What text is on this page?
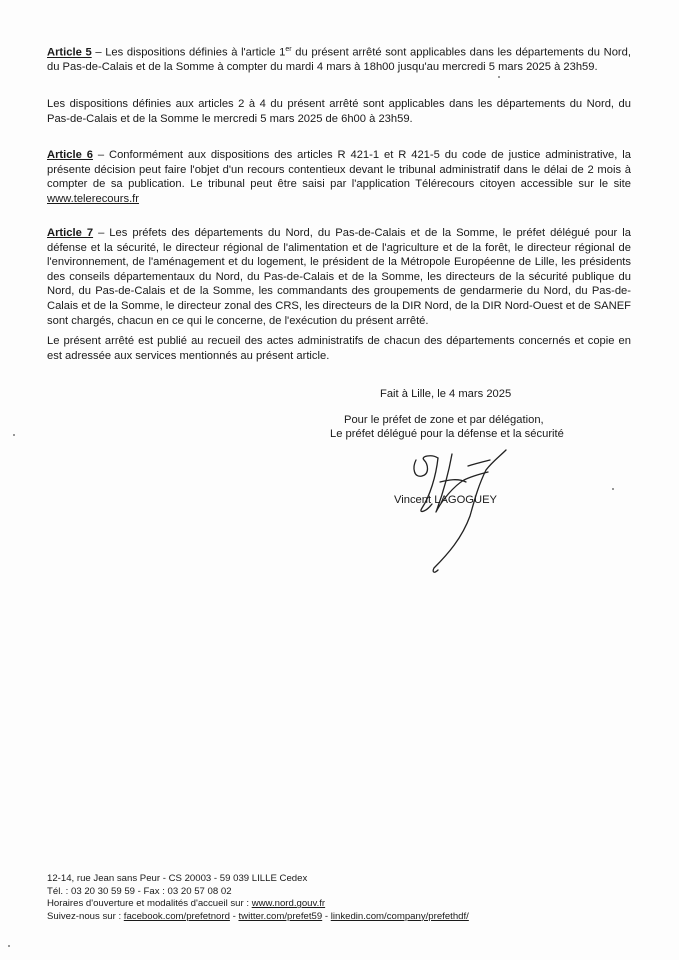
Article 5 – Les dispositions définies à l'article 1er du présent arrêté sont applicables dans les départements du Nord, du Pas-de-Calais et de la Somme à compter du mardi 4 mars à 18h00 jusqu'au mercredi 5 mars 2025 à 23h59.
Les dispositions définies aux articles 2 à 4 du présent arrêté sont applicables dans les départements du Nord, du Pas-de-Calais et de la Somme le mercredi 5 mars 2025 de 6h00 à 23h59.
Article 6 – Conformément aux dispositions des articles R 421-1 et R 421-5 du code de justice administrative, la présente décision peut faire l'objet d'un recours contentieux devant le tribunal administratif dans le délai de 2 mois à compter de sa publication. Le tribunal peut être saisi par l'application Télérecours citoyen accessible sur le site www.telerecours.fr
Article 7 – Les préfets des départements du Nord, du Pas-de-Calais et de la Somme, le préfet délégué pour la défense et la sécurité, le directeur régional de l'alimentation et de l'agriculture et de la forêt, le directeur régional de l'environnement, de l'aménagement et du logement, le président de la Métropole Européenne de Lille, les présidents des conseils départementaux du Nord, du Pas-de-Calais et de la Somme, les directeurs de la sécurité publique du Nord, du Pas-de-Calais et de la Somme, les commandants des groupements de gendarmerie du Nord, du Pas-de-Calais et de la Somme, le directeur zonal des CRS, les directeurs de la DIR Nord, de la DIR Nord-Ouest et de SANEF sont chargés, chacun en ce qui le concerne, de l'exécution du présent arrêté.
Le présent arrêté est publié au recueil des actes administratifs de chacun des départements concernés et copie en est adressée aux services mentionnés au présent article.
Fait à Lille, le 4 mars 2025
Pour le préfet de zone et par délégation,
Le préfet délégué pour la défense et la sécurité
Vincent LAGOGUEY
12-14, rue Jean sans Peur - CS 20003 - 59 039 LILLE Cedex
Tél. : 03 20 30 59 59 - Fax : 03 20 57 08 02
Horaires d'ouverture et modalités d'accueil sur : www.nord.gouv.fr
Suivez-nous sur : facebook.com/prefetnord - twitter.com/prefet59 - linkedin.com/company/prefethdf/
